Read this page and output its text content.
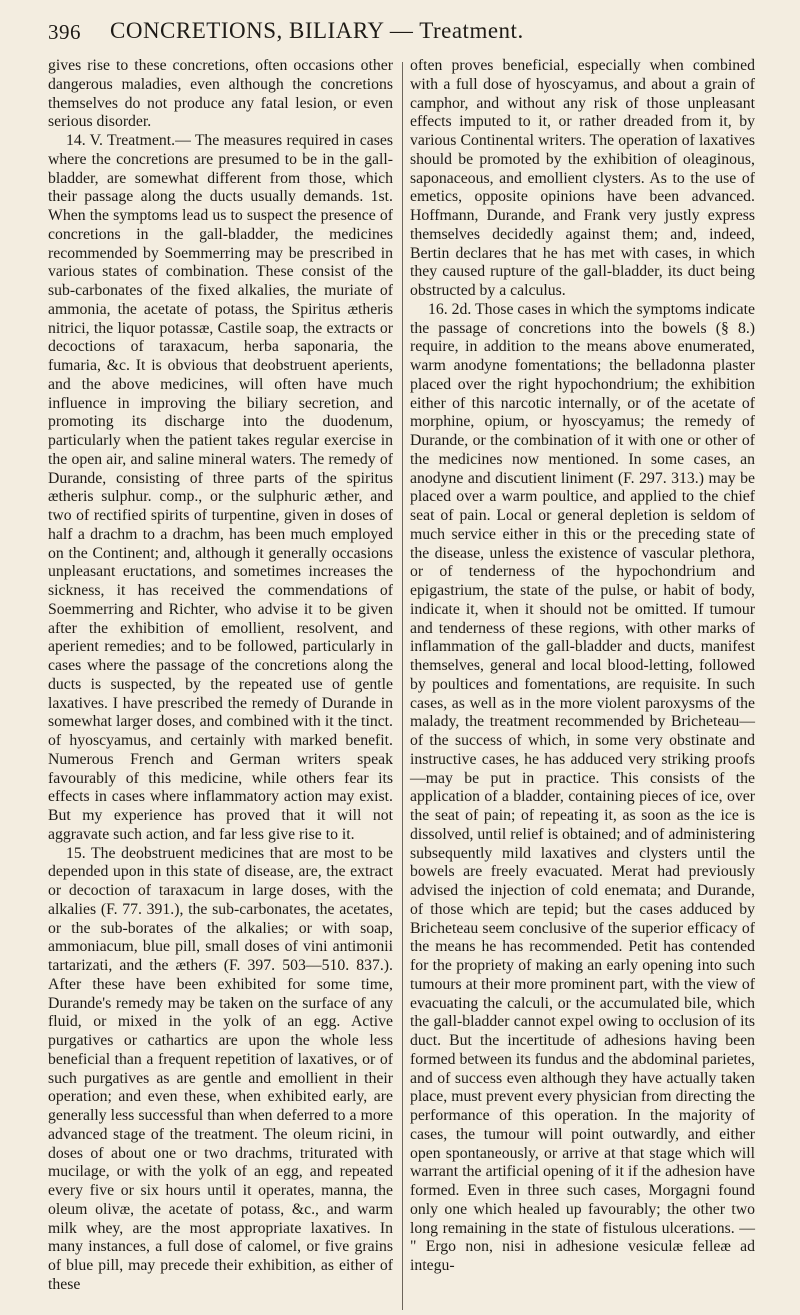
396 CONCRETIONS, BILIARY — Treatment.

gives rise to these concretions, often occasions other dangerous maladies, even although the concretions themselves do not produce any fatal lesion, or even serious disorder.

14. V. Treatment.— The measures required in cases where the concretions are presumed to be in the gall-bladder, are somewhat different from those, which their passage along the ducts usually demands. 1st. When the symptoms lead us to suspect the presence of concretions in the gall-bladder, the medicines recommended by Soemmerring may be prescribed in various states of combination. These consist of the sub-carbonates of the fixed alkalies, the muriate of ammonia, the acetate of potass, the Spiritus ætheris nitrici, the liquor potassæ, Castile soap, the extracts or decoctions of taraxacum, herba saponaria, the fumaria, &c. It is obvious that deobstruent aperients, and the above medicines, will often have much influence in improving the biliary secretion, and promoting its discharge into the duodenum, particularly when the patient takes regular exercise in the open air, and saline mineral waters. The remedy of Durande, consisting of three parts of the spiritus ætheris sulphur. comp., or the sulphuric æther, and two of rectified spirits of turpentine, given in doses of half a drachm to a drachm, has been much employed on the Continent; and, although it generally occasions unpleasant eructations, and sometimes increases the sickness, it has received the commendations of Soemmerring and Richter, who advise it to be given after the exhibition of emollient, resolvent, and aperient remedies; and to be followed, particularly in cases where the passage of the concretions along the ducts is suspected, by the repeated use of gentle laxatives. I have prescribed the remedy of Durande in somewhat larger doses, and combined with it the tinct. of hyoscyamus, and certainly with marked benefit. Numerous French and German writers speak favourably of this medicine, while others fear its effects in cases where inflammatory action may exist. But my experience has proved that it will not aggravate such action, and far less give rise to it.

15. The deobstruent medicines that are most to be depended upon in this state of disease, are, the extract or decoction of taraxacum in large doses, with the alkalies (F. 77. 391.), the sub-carbonates, the acetates, or the sub-borates of the alkalies; or with soap, ammoniacum, blue pill, small doses of vini antimonii tartarizati, and the æthers (F. 397. 503—510. 837.). After these have been exhibited for some time, Durande's remedy may be taken on the surface of any fluid, or mixed in the yolk of an egg. Active purgatives or cathartics are upon the whole less beneficial than a frequent repetition of laxatives, or of such purgatives as are gentle and emollient in their operation; and even these, when exhibited early, are generally less successful than when deferred to a more advanced stage of the treatment. The oleum ricini, in doses of about one or two drachms, triturated with mucilage, or with the yolk of an egg, and repeated every five or six hours until it operates, manna, the oleum olivæ, the acetate of potass, &c., and warm milk whey, are the most appropriate laxatives. In many instances, a full dose of calomel, or five grains of blue pill, may precede their exhibition, as either of these

often proves beneficial, especially when combined with a full dose of hyoscyamus, and about a grain of camphor, and without any risk of those unpleasant effects imputed to it, or rather dreaded from it, by various Continental writers. The operation of laxatives should be promoted by the exhibition of oleaginous, saponaceous, and emollient clysters. As to the use of emetics, opposite opinions have been advanced. Hoffmann, Durande, and Frank very justly express themselves decidedly against them; and, indeed, Bertin declares that he has met with cases, in which they caused rupture of the gall-bladder, its duct being obstructed by a calculus.

16. 2d. Those cases in which the symptoms indicate the passage of concretions into the bowels (§ 8.) require, in addition to the means above enumerated, warm anodyne fomentations; the belladonna plaster placed over the right hypochondrium; the exhibition either of this narcotic internally, or of the acetate of morphine, opium, or hyoscyamus; the remedy of Durande, or the combination of it with one or other of the medicines now mentioned. In some cases, an anodyne and discutient liniment (F. 297. 313.) may be placed over a warm poultice, and applied to the chief seat of pain. Local or general depletion is seldom of much service either in this or the preceding state of the disease, unless the existence of vascular plethora, or of tenderness of the hypochondrium and epigastrium, the state of the pulse, or habit of body, indicate it, when it should not be omitted. If tumour and tenderness of these regions, with other marks of inflammation of the gall-bladder and ducts, manifest themselves, general and local blood-letting, followed by poultices and fomentations, are requisite. In such cases, as well as in the more violent paroxysms of the malady, the treatment recommended by Bricheteau—of the success of which, in some very obstinate and instructive cases, he has adduced very striking proofs—may be put in practice. This consists of the application of a bladder, containing pieces of ice, over the seat of pain; of repeating it, as soon as the ice is dissolved, until relief is obtained; and of administering subsequently mild laxatives and clysters until the bowels are freely evacuated. Merat had previously advised the injection of cold enemata; and Durande, of those which are tepid; but the cases adduced by Bricheteau seem conclusive of the superior efficacy of the means he has recommended. Petit has contended for the propriety of making an early opening into such tumours at their more prominent part, with the view of evacuating the calculi, or the accumulated bile, which the gall-bladder cannot expel owing to occlusion of its duct. But the incertitude of adhesions having been formed between its fundus and the abdominal parietes, and of success even although they have actually taken place, must prevent every physician from directing the performance of this operation. In the majority of cases, the tumour will point outwardly, and either open spontaneously, or arrive at that stage which will warrant the artificial opening of it if the adhesion have formed. Even in three such cases, Morgagni found only one which healed up favourably; the other two long remaining in the state of fistulous ulcerations. — " Ergo non, nisi in adhesione vesiculæ felleæ ad integu-
